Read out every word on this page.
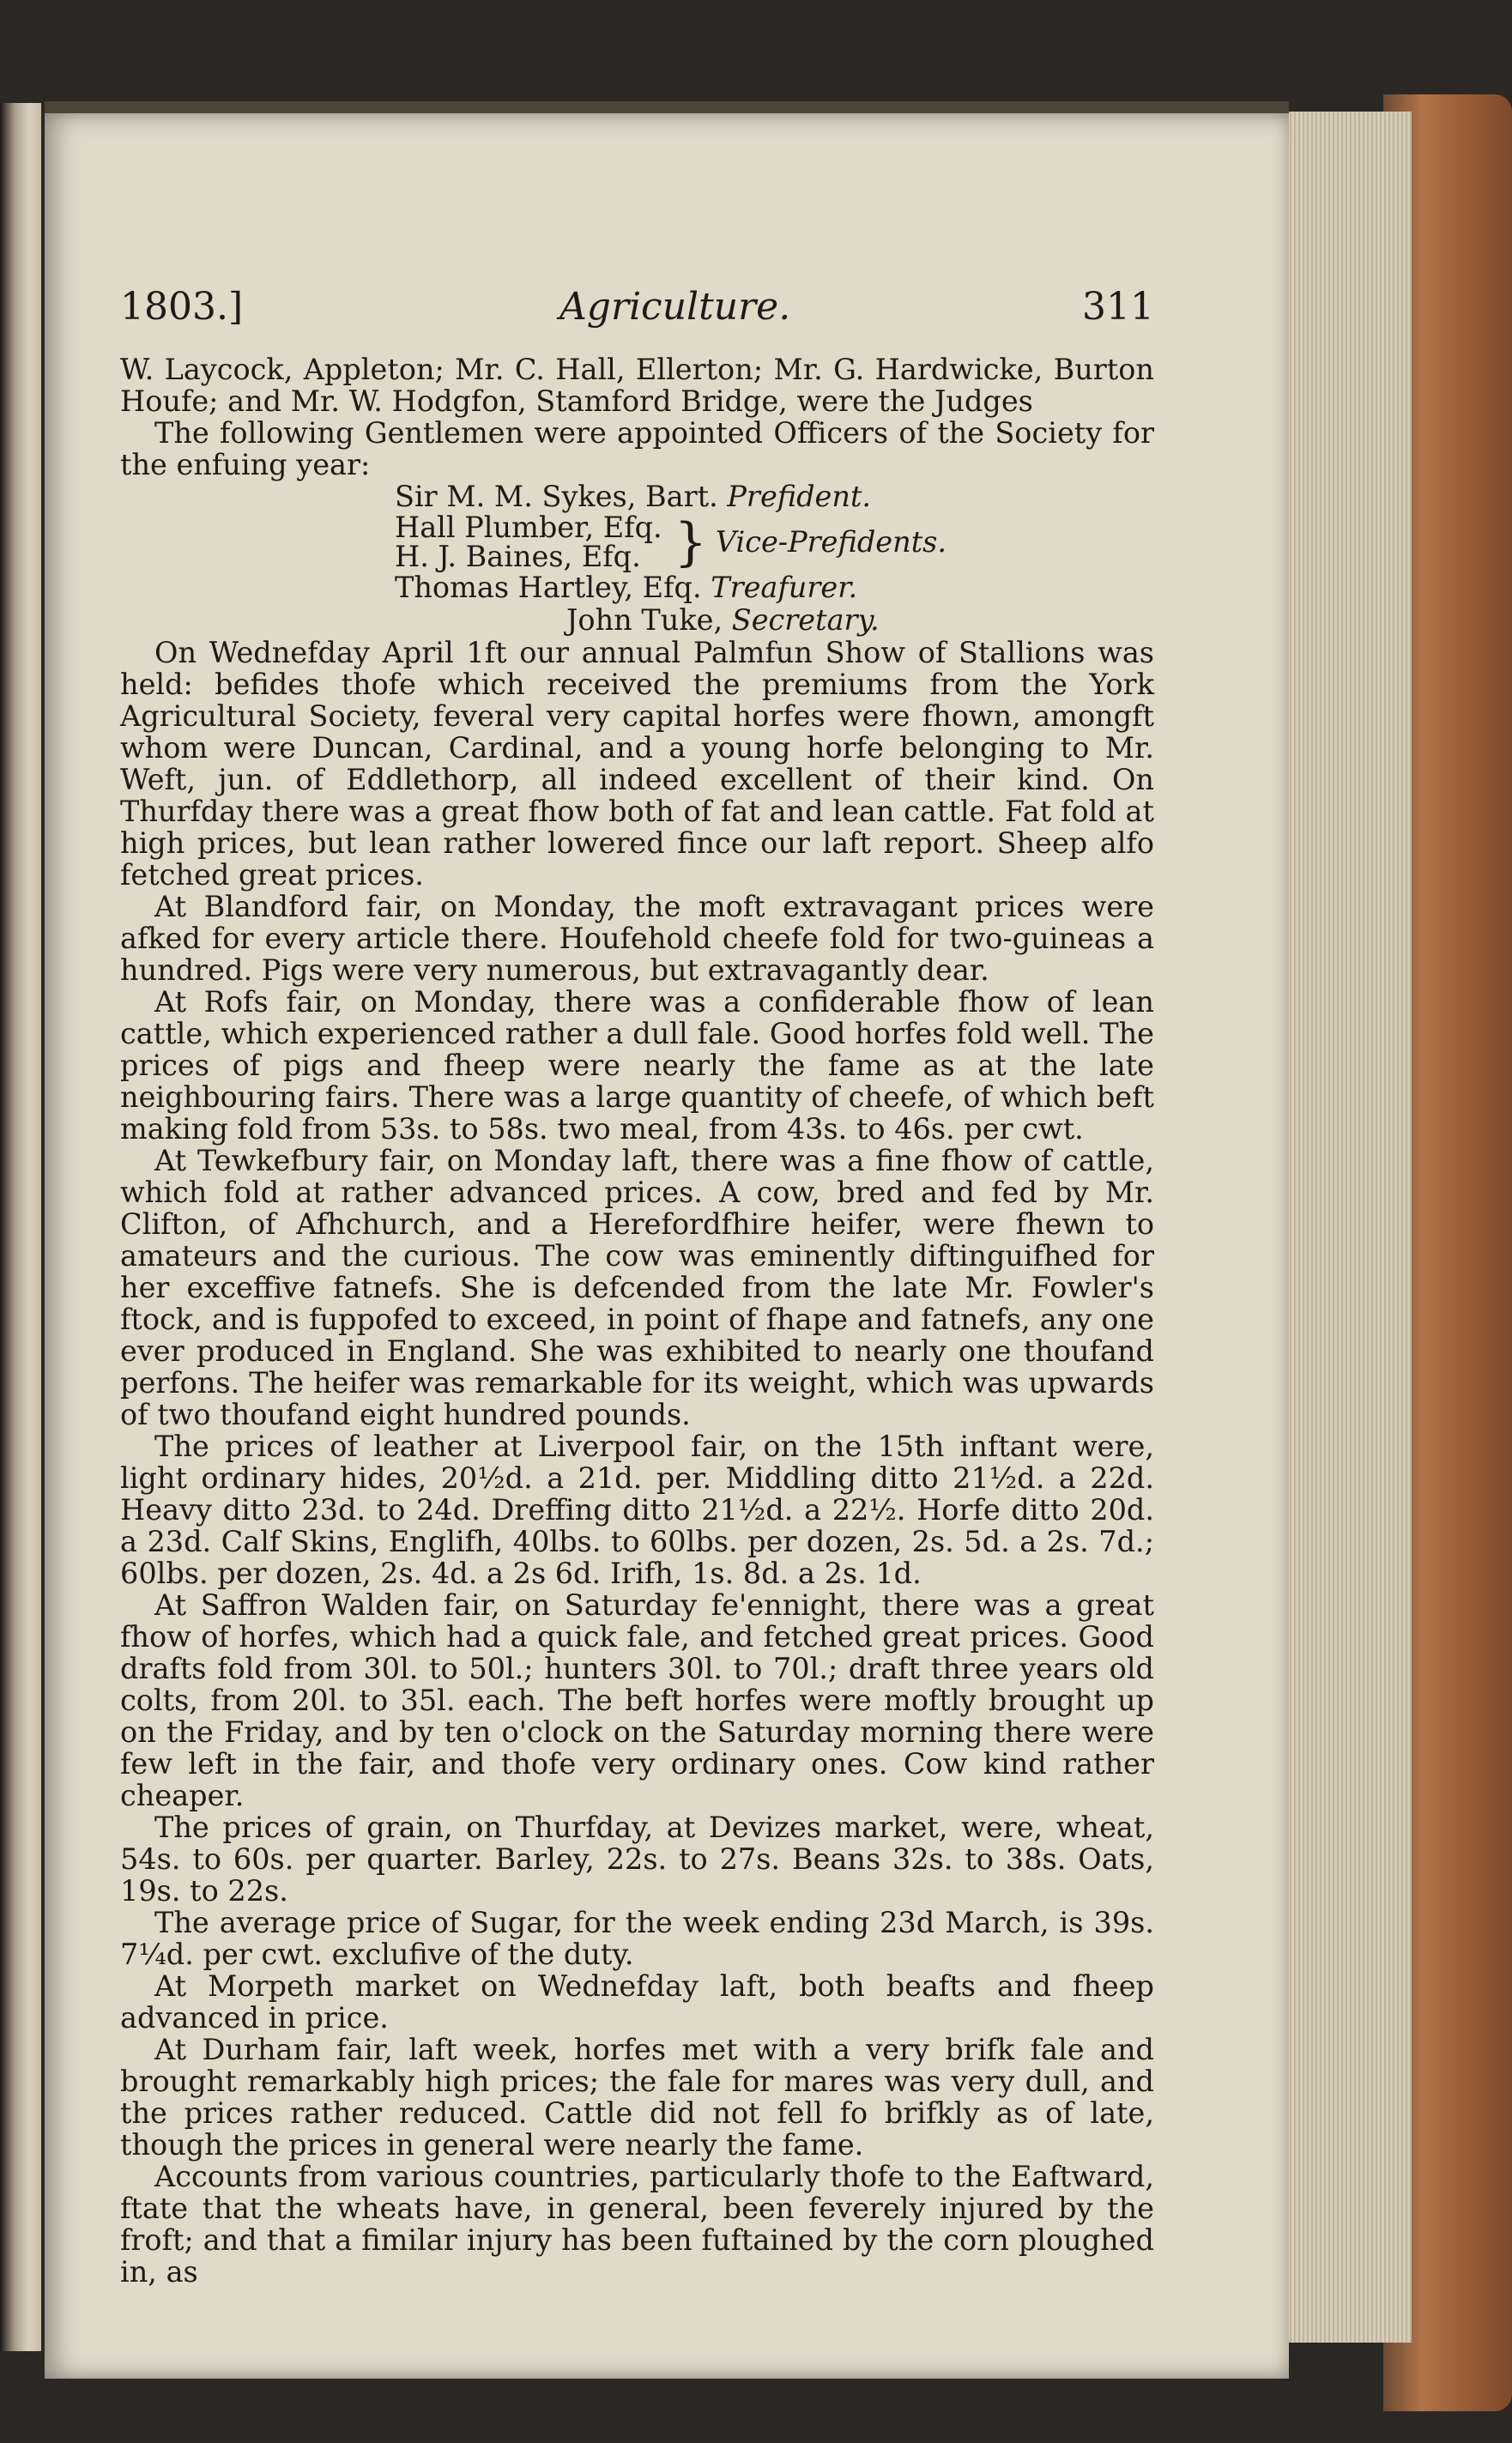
1803.]	Agriculture.	311

W. Laycock, Appleton; Mr. C. Hall, Ellerton; Mr. G. Hardwicke, Burton Houfe; and Mr. W. Hodgfon, Stamford Bridge, were the Judges

The following Gentlemen were appointed Officers of the Society for the enfuing year:

Sir M. M. Sykes, Bart. Prefident.
Hall Plumber, Efq.
H. J. Baines, Efq. } Vice-Prefidents.
Thomas Hartley, Efq. Treafurer.
John Tuke, Secretary.

On Wednefday April 1ft our annual Palmfun Show of Stallions was held: befides thofe which received the premiums from the York Agricultural Society, feveral very capital horfes were fhown, amongft whom were Duncan, Cardinal, and a young horfe belonging to Mr. Weft, jun. of Eddlethorp, all indeed excellent of their kind. On Thurfday there was a great fhow both of fat and lean cattle. Fat fold at high prices, but lean rather lowered fince our laft report. Sheep alfo fetched great prices.

At Blandford fair, on Monday, the moft extravagant prices were afked for every article there. Houfehold cheefe fold for two-guineas a hundred. Pigs were very numerous, but extravagantly dear.

At Rofs fair, on Monday, there was a confiderable fhow of lean cattle, which experienced rather a dull fale. Good horfes fold well. The prices of pigs and fheep were nearly the fame as at the late neighbouring fairs. There was a large quantity of cheefe, of which beft making fold from 53s. to 58s. two meal, from 43s. to 46s. per cwt.

At Tewkefbury fair, on Monday laft, there was a fine fhow of cattle, which fold at rather advanced prices. A cow, bred and fed by Mr. Clifton, of Afhchurch, and a Herefordfhire heifer, were fhewn to amateurs and the curious. The cow was eminently diftinguifhed for her exceffive fatnefs. She is defcended from the late Mr. Fowler's ftock, and is fuppofed to exceed, in point of fhape and fatnefs, any one ever produced in England. She was exhibited to nearly one thoufand perfons. The heifer was remarkable for its weight, which was upwards of two thoufand eight hundred pounds.

The prices of leather at Liverpool fair, on the 15th inftant were, light ordinary hides, 20½d. a 21d. per. Middling ditto 21½d. a 22d. Heavy ditto 23d. to 24d. Dreffing ditto 21½d. a 22½. Horfe ditto 20d. a 23d. Calf Skins, Englifh, 40lbs. to 60lbs. per dozen, 2s. 5d. a 2s. 7d.; 60lbs. per dozen, 2s. 4d. a 2s 6d. Irifh, 1s. 8d. a 2s. 1d.

At Saffron Walden fair, on Saturday fe'ennight, there was a great fhow of horfes, which had a quick fale, and fetched great prices. Good drafts fold from 30l. to 50l.; hunters 30l. to 70l.; draft three years old colts, from 20l. to 35l. each. The beft horfes were moftly brought up on the Friday, and by ten o'clock on the Saturday morning there were few left in the fair, and thofe very ordinary ones. Cow kind rather cheaper.

The prices of grain, on Thurfday, at Devizes market, were, wheat, 54s. to 60s. per quarter. Barley, 22s. to 27s. Beans 32s. to 38s. Oats, 19s. to 22s.

The average price of Sugar, for the week ending 23d March, is 39s. 7¼d. per cwt. exclufive of the duty.

At Morpeth market on Wednefday laft, both beafts and fheep advanced in price.

At Durham fair, laft week, horfes met with a very brifk fale and brought remarkably high prices; the fale for mares was very dull, and the prices rather reduced. Cattle did not fell fo brifkly as of late, though the prices in general were nearly the fame.

Accounts from various countries, particularly thofe to the Eaftward, ftate that the wheats have, in general, been feverely injured by the froft; and that a fimilar injury has been fuftained by the corn ploughed in, as
